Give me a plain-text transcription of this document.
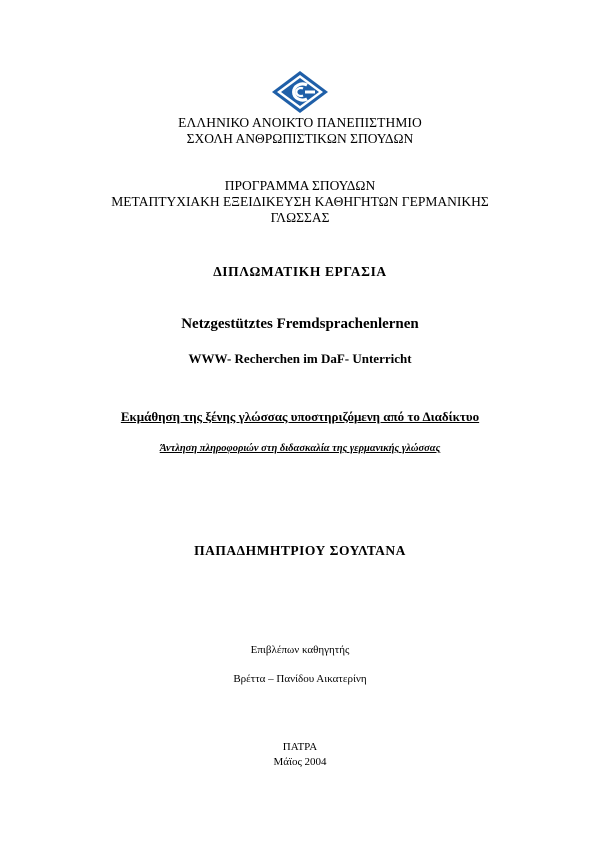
ΕΛΛΗΝΙΚΟ ΑΝΟΙΚΤΟ ΠΑΝΕΠΙΣΤΗΜΙΟ
ΣΧΟΛΗ ΑΝΘΡΩΠΙΣΤΙΚΩΝ ΣΠΟΥΔΩΝ
ΠΡΟΓΡΑΜΜΑ ΣΠΟΥΔΩΝ
ΜΕΤΑΠΤΥΧΙΑΚΗ ΕΞΕΙΔΙΚΕΥΣΗ ΚΑΘΗΓΗΤΩΝ ΓΕΡΜΑΝΙΚΗΣ
ΓΛΩΣΣΑΣ
ΔΙΠΛΩΜΑΤΙΚΗ ΕΡΓΑΣΙΑ
Netzgestütztes Fremdsprachenlernen
WWW- Recherchen im DaF- Unterricht
Εκμάθηση της ξένης γλώσσας υποστηριζόμενη από το Διαδίκτυο
Άντληση πληροφοριών στη διδασκαλία της γερμανικής γλώσσας
ΠΑΠΑΔΗΜΗΤΡΙΟΥ ΣΟΥΛΤΑΝΑ
Επιβλέπων καθηγητής
Βρέττα – Πανίδου Αικατερίνη
ΠΑΤΡΑ
Μάϊος 2004
